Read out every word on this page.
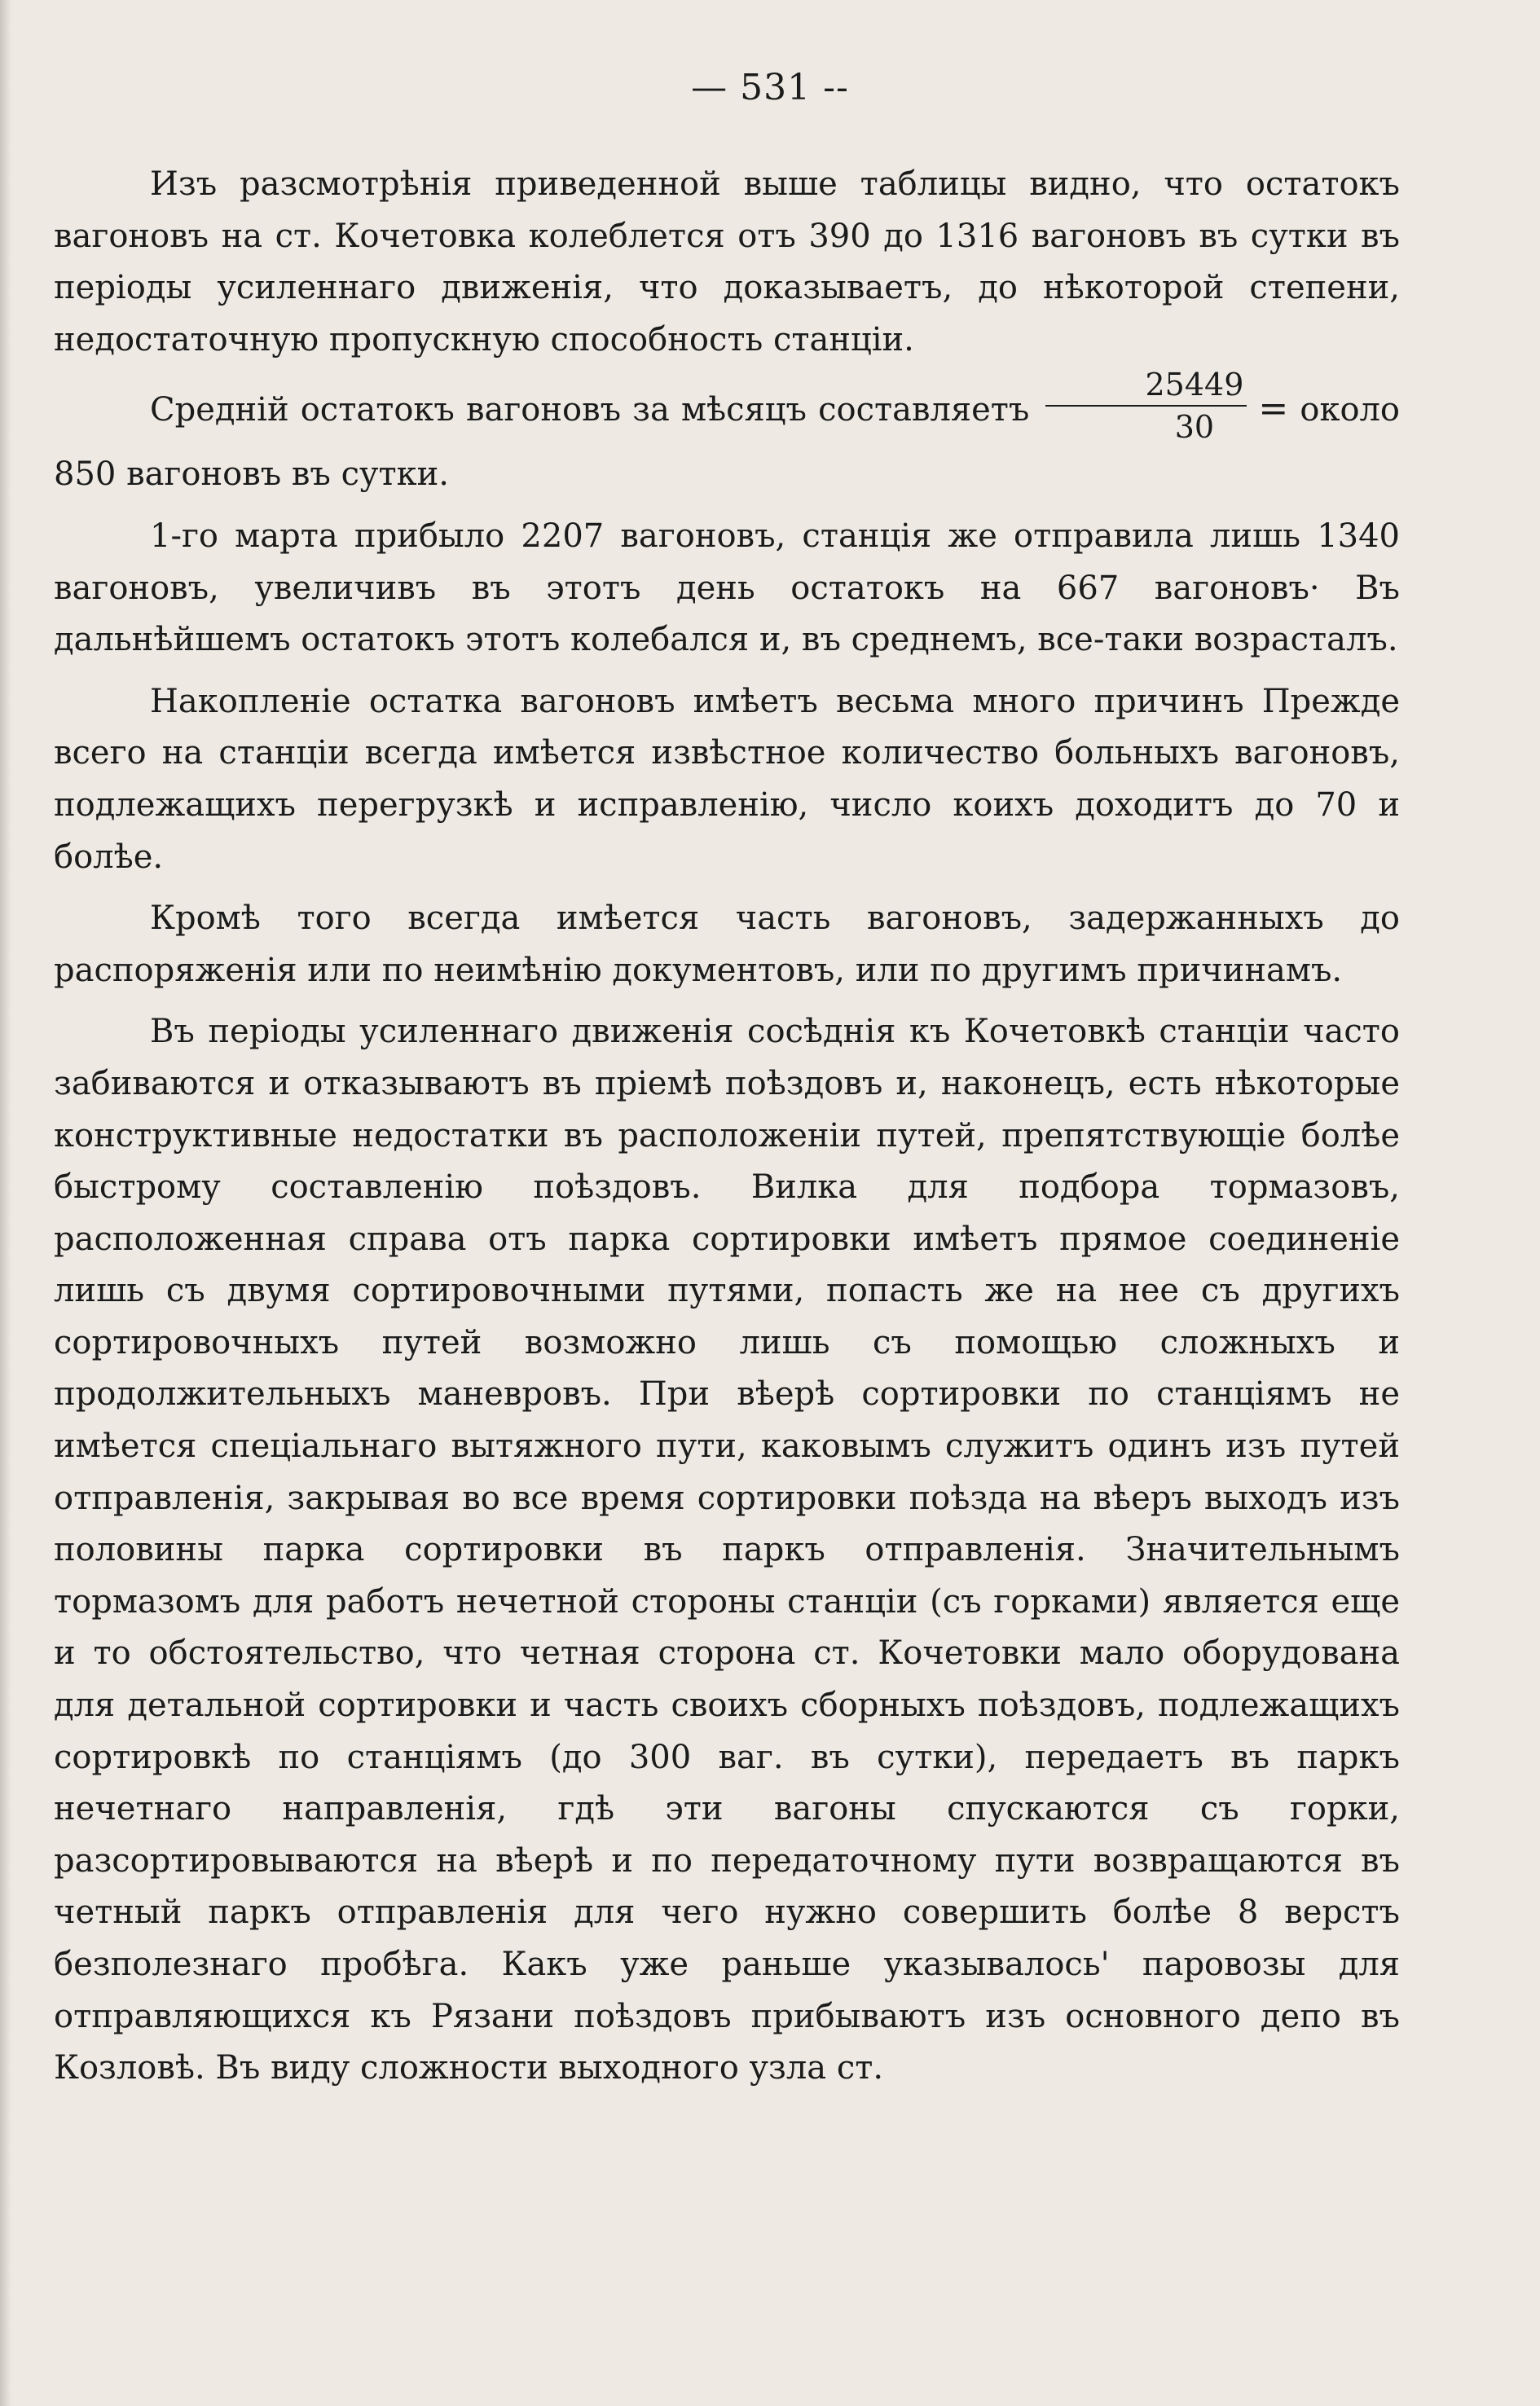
— 531 --

Изъ разсмотрѣнія приведенной выше таблицы видно, что остатокъ вагоновъ на ст. Кочетовка колеблется отъ 390 до 1316 вагоновъ въ сутки въ періоды усиленнаго движенія, что доказываетъ, до нѣкоторой степени, недостаточную пропускную способность станціи.

Среднiй остатокъ вагоновъ за мѣсяцъ составляетъ $\frac{25449}{30}$ = около 850 вагоновъ въ сутки.

1-го марта прибыло 2207 вагоновъ, станція же отправила лишь 1340 вагоновъ, увеличивъ въ этотъ день остатокъ на 667 вагоновъ· Въ дальнѣйшемъ остатокъ этотъ колебался и, въ среднемъ, все-таки возрасталъ.

Накопленіе остатка вагоновъ имѣетъ весьма много причинъ Прежде всего на станціи всегда имѣется извѣстное количество больныхъ вагоновъ, подлежащихъ перегрузкѣ и исправленію, число коихъ доходитъ до 70 и болѣе.

Кромѣ того всегда имѣется часть вагоновъ, задержанныхъ до распоряженія или по неимѣнію документовъ, или по другимъ причинамъ.

Въ періоды усиленнаго движенія сосѣднія къ Кочетовкѣ станціи часто забиваются и отказываютъ въ пріемѣ поѣздовъ и, наконецъ, есть нѣкоторые конструктивные недостатки въ расположеніи путей, препятствующіе болѣе быстрому составленію поѣздовъ. Вилка для подбора тормазовъ, расположенная справа отъ парка сортировки имѣетъ прямое соединеніе лишь съ двумя сортировочными путями, попасть же на нее съ другихъ сортировочныхъ путей возможно лишь съ помощью сложныхъ и продолжительныхъ маневровъ. При вѣерѣ сортировки по станціямъ не имѣется спеціальнаго вытяжного пути, каковымъ служитъ одинъ изъ путей отправленія, закрывая во все время сортировки поѣзда на вѣеръ выходъ изъ половины парка сортировки въ паркъ отправленія. Значительнымъ тормазомъ для работъ нечетной стороны станціи (съ горками) является еще и то обстоятельство, что четная сторона ст. Кочетовки мало оборудована для детальной сортировки и часть своихъ сборныхъ поѣздовъ, подлежащихъ сортировкѣ по станціямъ (до 300 ваг. въ сутки), передаетъ въ паркъ нечетнаго направленія, гдѣ эти вагоны спускаются съ горки, разсортировываются на вѣерѣ и по передаточному пути возвращаются въ четный паркъ отправленія для чего нужно совершить болѣе 8 верстъ безполезнаго пробѣга. Какъ уже раньше указывалось' паровозы для отправляющихся къ Рязани поѣздовъ прибываютъ изъ основного депо въ Козловѣ. Въ виду сложности выходного узла ст.
